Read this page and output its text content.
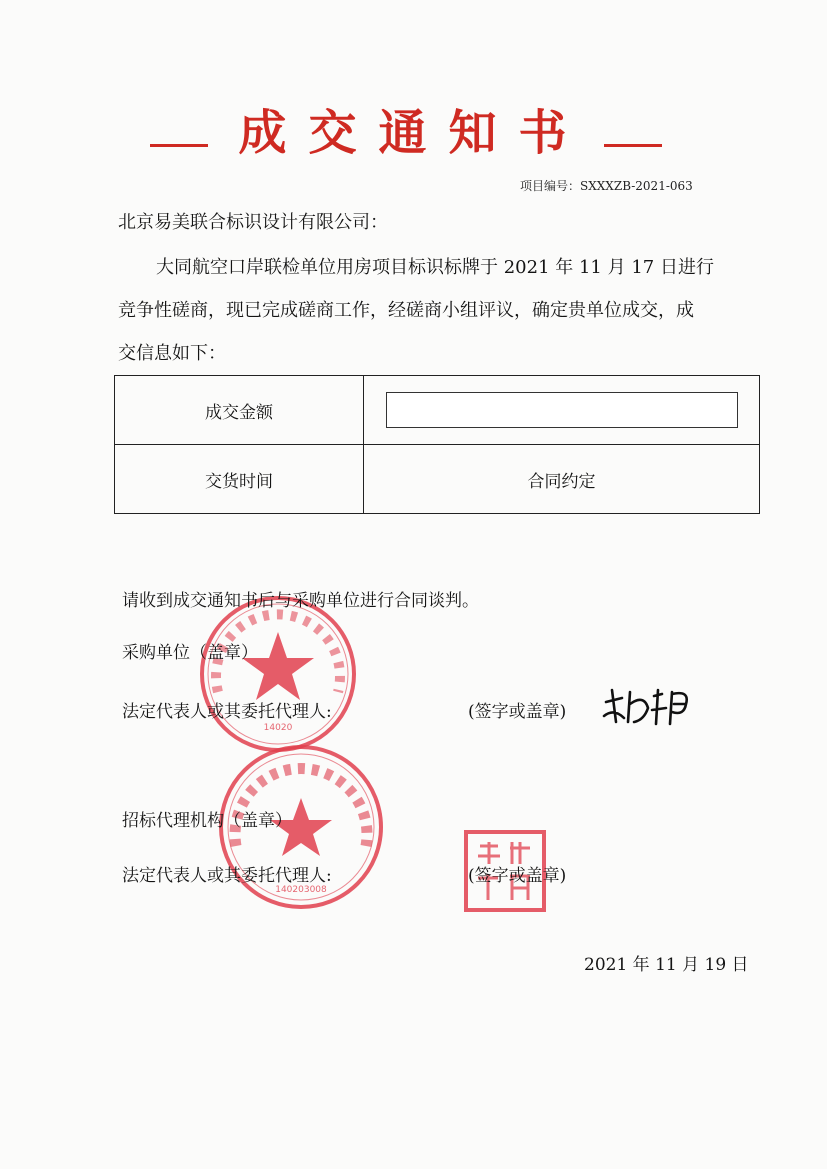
成交通知书
项目编号：SXXXZB-2021-063
北京易美联合标识设计有限公司：

大同航空口岸联检单位用房项目标识标牌于 2021 年 11 月 17 日进行

竞争性磋商，现已完成磋商工作，经磋商小组评议，确定贵单位成交，成

交信息如下：

成交金额	
交货时间	合同约定
14020
请收到成交通知书后与采购单位进行合同谈判。
采购单位（盖章）
法定代表人或其委托代理人:	(签字或盖章)
140203008
招标代理机构（盖章）
法定代表人或其委托代理人:	(签字或盖章)
2021 年 11 月 19 日
